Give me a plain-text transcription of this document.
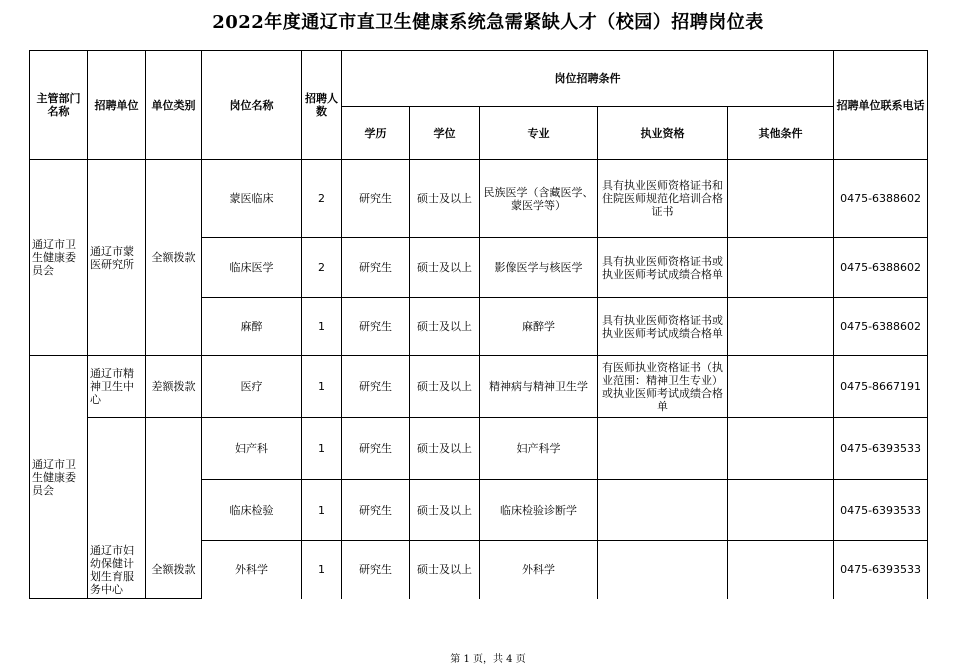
2022年度通辽市直卫生健康系统急需紧缺人才（校园）招聘岗位表
主管部门名称	招聘单位	单位类别	岗位名称	招聘人数	岗位招聘条件					招聘单位联系电话
					学历	学位	专业	执业资格	其他条件	
通辽市卫生健康委员会	通辽市蒙医研究所	全额拨款	蒙医临床	2	研究生	硕士及以上	民族医学（含藏医学、蒙医学等）	具有执业医师资格证书和住院医师规范化培训合格证书		0475-6388602
			临床医学	2	研究生	硕士及以上	影像医学与核医学	具有执业医师资格证书或执业医师考试成绩合格单		0475-6388602
			麻醉	1	研究生	硕士及以上	麻醉学	具有执业医师资格证书或执业医师考试成绩合格单		0475-6388602
通辽市卫生健康委员会	通辽市精神卫生中心	差额拨款	医疗	1	研究生	硕士及以上	精神病与精神卫生学	有医师执业资格证书（执业范围：精神卫生专业）或执业医师考试成绩合格单		0475-8667191
	通辽市妇幼保健计划生育服务中心	全额拨款	妇产科	1	研究生	硕士及以上	妇产科学			0475-6393533
			临床检验	1	研究生	硕士及以上	临床检验诊断学			0475-6393533
			外科学	1	研究生	硕士及以上	外科学			0475-6393533
第 1 页，共 4 页
